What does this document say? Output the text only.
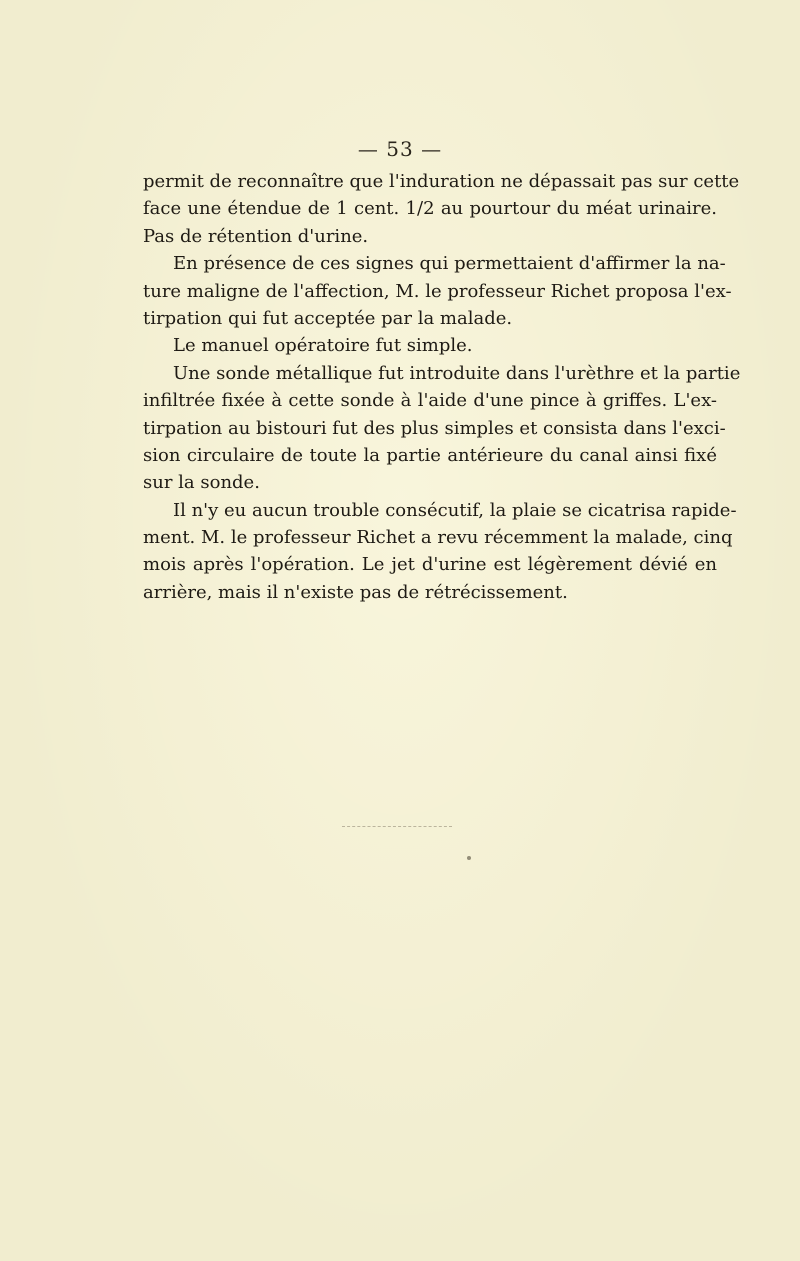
— 53 —
permit de reconnaître que l'induration ne dépassait pas sur cette
face une étendue de 1 cent. 1/2 au pourtour du méat urinaire.
Pas de rétention d'urine.
En présence de ces signes qui permettaient d'affirmer la na-
ture maligne de l'affection, M. le professeur Richet proposa l'ex-
tirpation qui fut acceptée par la malade.
Le manuel opératoire fut simple.
Une sonde métallique fut introduite dans l'urèthre et la partie
infiltrée fixée à cette sonde à l'aide d'une pince à griffes. L'ex-
tirpation au bistouri fut des plus simples et consista dans l'exci-
sion circulaire de toute la partie antérieure du canal ainsi fixé
sur la sonde.
Il n'y eu aucun trouble consécutif, la plaie se cicatrisa rapide-
ment. M. le professeur Richet a revu récemment la malade, cinq
mois après l'opération. Le jet d'urine est légèrement dévié en
arrière, mais il n'existe pas de rétrécissement.
